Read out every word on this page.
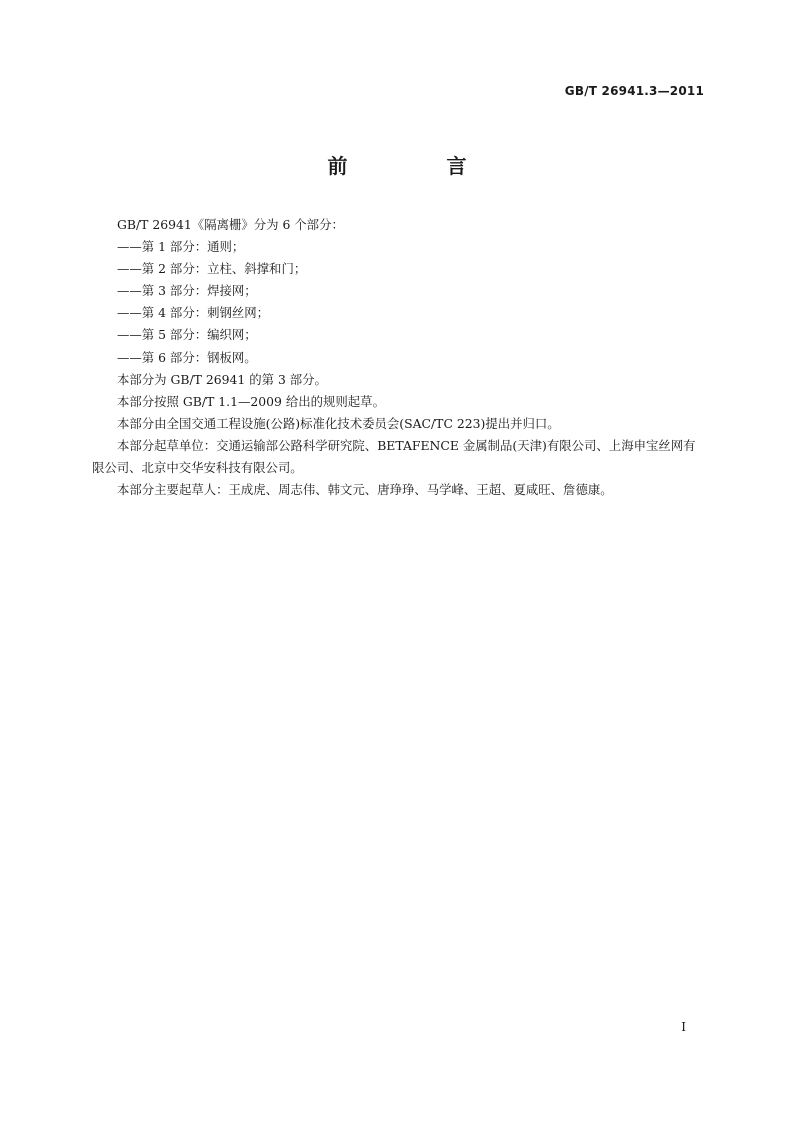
GB/T 26941.3—2011
前 言

GB/T 26941《隔离栅》分为 6 个部分：

——第 1 部分：通则；

——第 2 部分：立柱、斜撑和门；

——第 3 部分：焊接网；

——第 4 部分：刺钢丝网；

——第 5 部分：编织网；

——第 6 部分：钢板网。

本部分为 GB/T 26941 的第 3 部分。

本部分按照 GB/T 1.1—2009 给出的规则起草。

本部分由全国交通工程设施(公路)标准化技术委员会(SAC/TC 223)提出并归口。

本部分起草单位：交通运输部公路科学研究院、BETAFENCE 金属制品(天津)有限公司、上海申宝丝网有限公司、北京中交华安科技有限公司。

本部分主要起草人：王成虎、周志伟、韩文元、唐琤琤、马学峰、王超、夏咸旺、詹德康。

I
